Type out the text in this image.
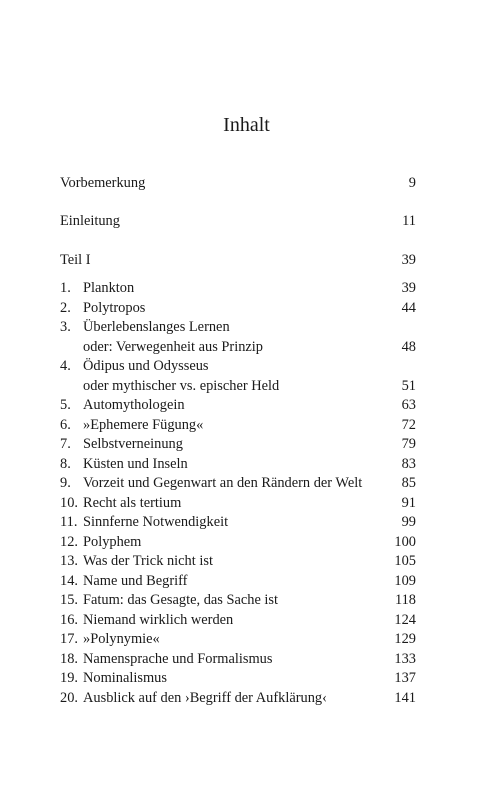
Inhalt
Vorbemerkung	9
Einleitung	11
Teil I	39
1. Plankton	39
2. Polytropos	44
3. Überlebenslanges Lernen
oder: Verwegenheit aus Prinzip	48
4. Ödipus und Odysseus
oder mythischer vs. epischer Held	51
5. Automythologein	63
6. »Ephemere Fügung«	72
7. Selbstverneinung	79
8. Küsten und Inseln	83
9. Vorzeit und Gegenwart an den Rändern der Welt	85
10. Recht als tertium	91
11. Sinnferne Notwendigkeit	99
12. Polyphem	100
13. Was der Trick nicht ist	105
14. Name und Begriff	109
15. Fatum: das Gesagte, das Sache ist	118
16. Niemand wirklich werden	124
17. »Polynymie«	129
18. Namensprache und Formalismus	133
19. Nominalismus	137
20. Ausblick auf den ›Begriff der Aufklärung‹	141
